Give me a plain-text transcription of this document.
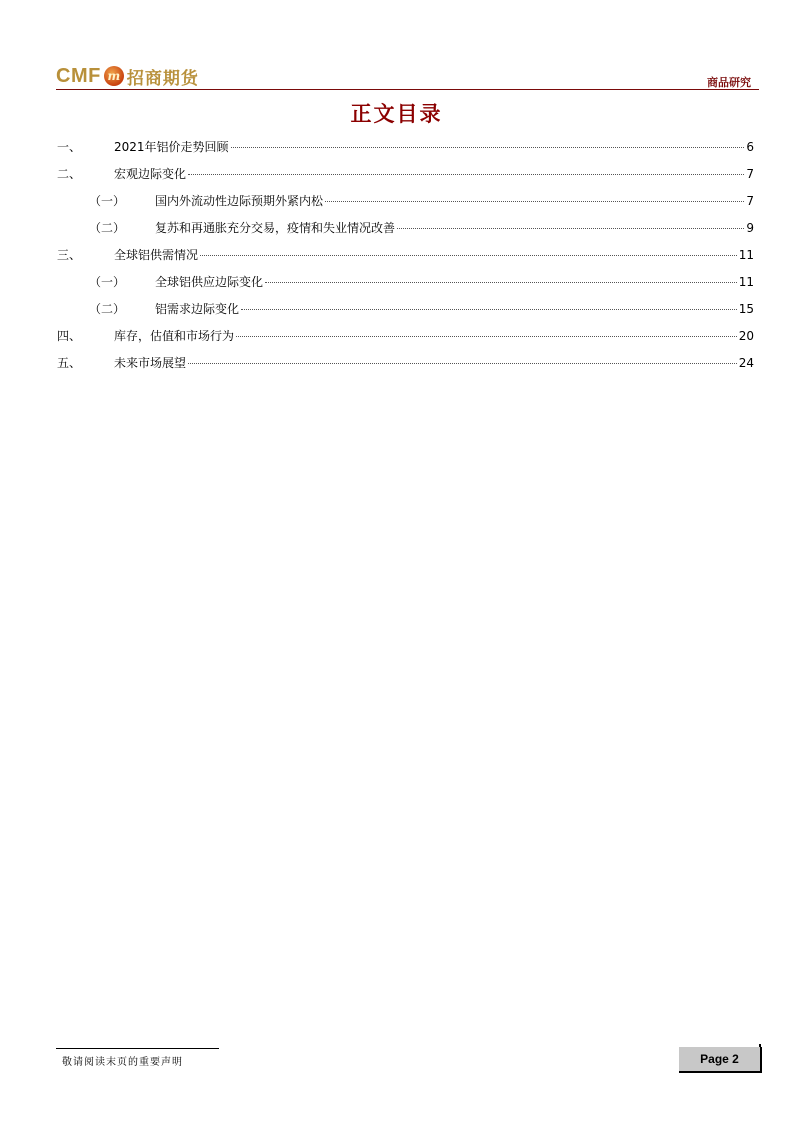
CMF m 招商期货	商品研究
正文目录
一、	2021年铝价走势回顾	6
二、	宏观边际变化	7
（一） 国内外流动性边际预期外紧内松	7
（二） 复苏和再通胀充分交易，疫情和失业情况改善	9
三、	全球铝供需情况	11
（一） 全球铝供应边际变化	11
（二） 铝需求边际变化	15
四、	库存，估值和市场行为	20
五、	未来市场展望	24
敬请阅读末页的重要声明	Page 2
